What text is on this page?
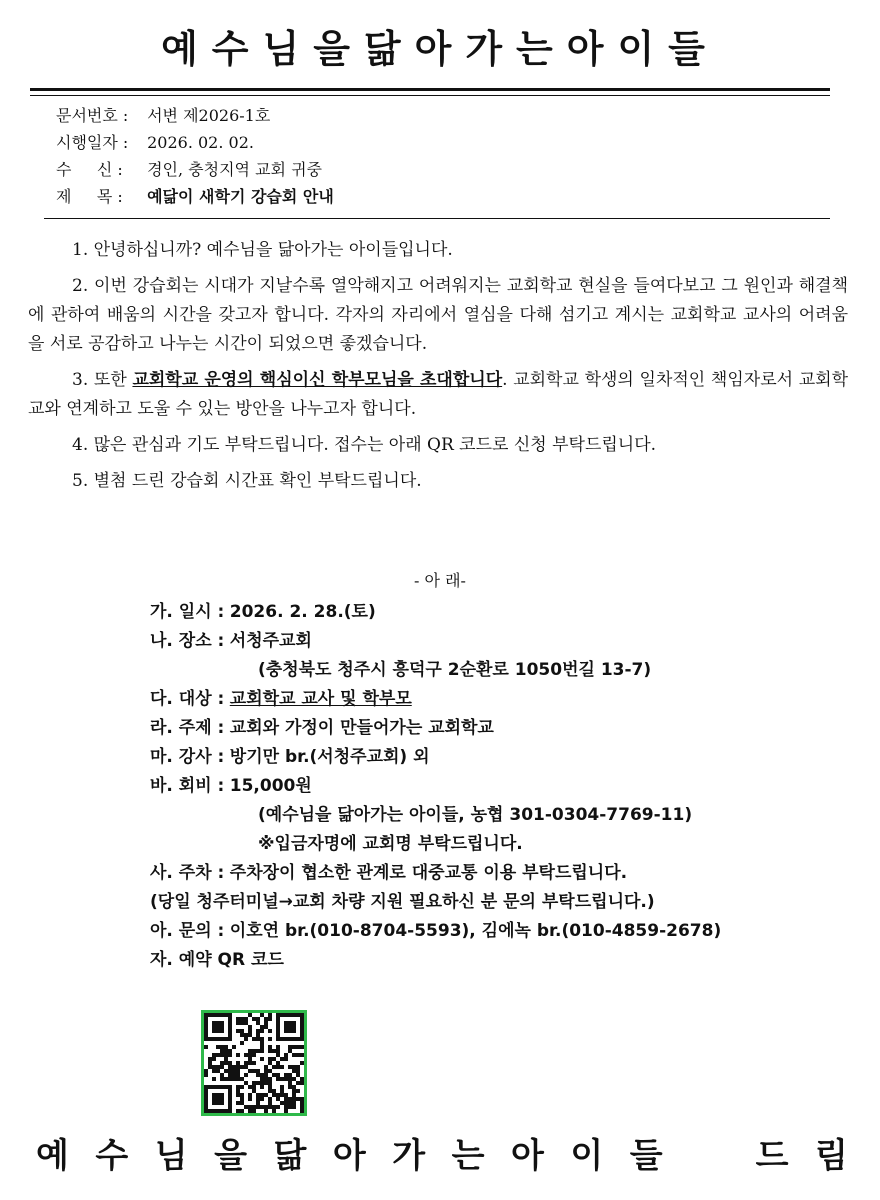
예수님을닮아가는아이들
문서번호 : 서변 제2026-1호
시행일자 : 2026. 02. 02.
수     신 : 경인, 충청지역 교회 귀중
제     목 : 예닮이 새학기 강습회 안내

1. 안녕하십니까? 예수님을 닮아가는 아이들입니다.

2. 이번 강습회는 시대가 지날수록 열악해지고 어려워지는 교회학교 현실을 들여다보고 그 원인과 해결책에 관하여 배움의 시간을 갖고자 합니다. 각자의 자리에서 열심을 다해 섬기고 계시는 교회학교 교사의 어려움을 서로 공감하고 나누는 시간이 되었으면 좋겠습니다.

3. 또한 교회학교 운영의 핵심이신 학부모님을 초대합니다. 교회학교 학생의 일차적인 책임자로서 교회학교와 연계하고 도울 수 있는 방안을 나누고자 합니다.

4. 많은 관심과 기도 부탁드립니다. 접수는 아래 QR 코드로 신청 부탁드립니다.

5. 별첨 드린 강습회 시간표 확인 부탁드립니다.

- 아 래-
가. 일시 : 2026. 2. 28.(토)
나. 장소 : 서청주교회
(충청북도 청주시 흥덕구 2순환로 1050번길 13-7)
다. 대상 : 교회학교 교사 및 학부모
라. 주제 : 교회와 가정이 만들어가는 교회학교
마. 강사 : 방기만 br.(서청주교회) 외
바. 회비 : 15,000원
(예수님을 닮아가는 아이들, 농협 301-0304-7769-11)
※입금자명에 교회명 부탁드립니다.
사. 주차 : 주차장이 협소한 관계로 대중교통 이용 부탁드립니다.
(당일 청주터미널→교회 차량 지원 필요하신 분 문의 부탁드립니다.)
아. 문의 : 이호연 br.(010-8704-5593), 김에녹 br.(010-4859-2678)
자. 예약 QR 코드
예 수 님 을 닮 아 가 는 아 이 들	드 림
